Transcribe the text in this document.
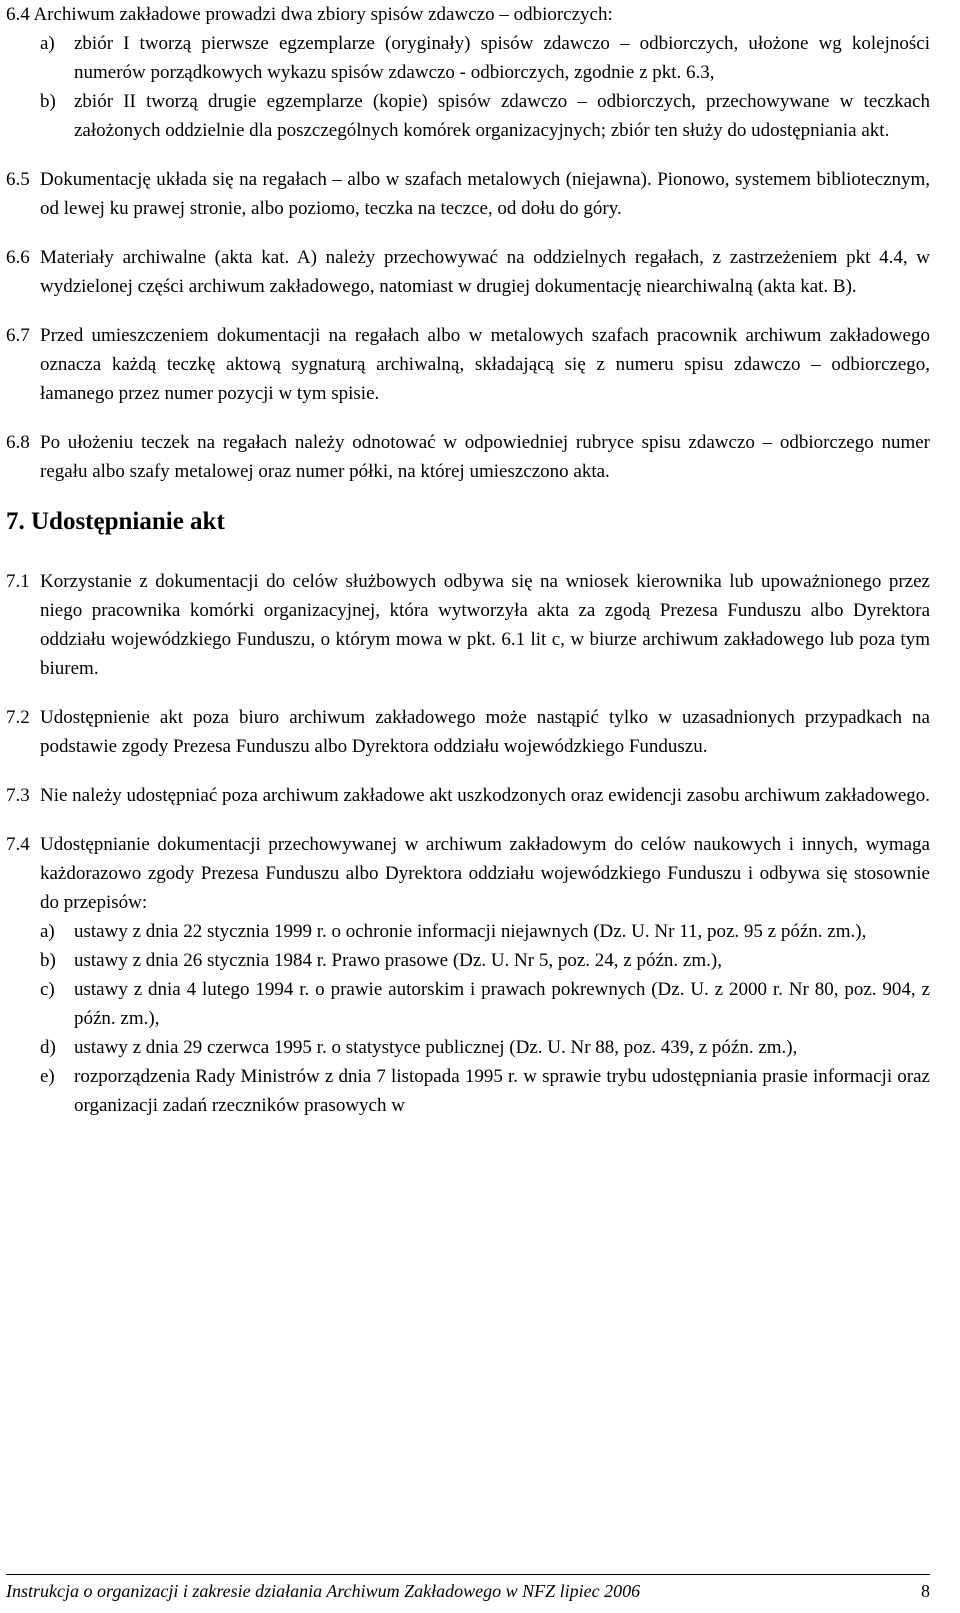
6.4 Archiwum zakładowe prowadzi dwa zbiory spisów zdawczo – odbiorczych:

a)	zbiór I tworzą pierwsze egzemplarze (oryginały) spisów zdawczo – odbiorczych, ułożone wg kolejności numerów porządkowych wykazu spisów zdawczo - odbiorczych, zgodnie z pkt. 6.3,
b) zbiór II tworzą drugie egzemplarze (kopie) spisów zdawczo – odbiorczych, przechowywane w teczkach założonych oddzielnie dla poszczególnych komórek organizacyjnych; zbiór ten służy do udostępniania akt.
6.5 Dokumentację układa się na regałach – albo w szafach metalowych (niejawna). Pionowo, systemem bibliotecznym, od lewej ku prawej stronie, albo poziomo, teczka na teczce, od dołu do góry.
6.6 Materiały archiwalne (akta kat. A) należy przechowywać na oddzielnych regałach, z zastrzeżeniem pkt 4.4, w wydzielonej części archiwum zakładowego, natomiast w drugiej dokumentację niearchiwalną (akta kat. B).
6.7 Przed umieszczeniem dokumentacji na regałach albo w metalowych szafach pracownik archiwum zakładowego oznacza każdą teczkę aktową sygnaturą archiwalną, składającą się z numeru spisu zdawczo – odbiorczego, łamanego przez numer pozycji w tym spisie.
6.8 Po ułożeniu teczek na regałach należy odnotować w odpowiedniej rubryce spisu zdawczo – odbiorczego numer regału albo szafy metalowej oraz numer półki, na której umieszczono akta.
7. Udostępnianie akt
7.1 Korzystanie z dokumentacji do celów służbowych odbywa się na wniosek kierownika lub upoważnionego przez niego pracownika komórki organizacyjnej, która wytworzyła akta za zgodą Prezesa Funduszu albo Dyrektora oddziału wojewódzkiego Funduszu, o którym mowa w pkt. 6.1 lit c, w biurze archiwum zakładowego lub poza tym biurem.
7.2 Udostępnienie akt poza biuro archiwum zakładowego może nastąpić tylko w uzasadnionych przypadkach na podstawie zgody Prezesa Funduszu albo Dyrektora oddziału wojewódzkiego Funduszu.
7.3 Nie należy udostępniać poza archiwum zakładowe akt uszkodzonych oraz ewidencji zasobu archiwum zakładowego.
7.4 Udostępnianie dokumentacji przechowywanej w archiwum zakładowym do celów naukowych i innych, wymaga każdorazowo zgody Prezesa Funduszu albo Dyrektora oddziału wojewódzkiego Funduszu i odbywa się stosownie do przepisów:
a)	ustawy z dnia 22 stycznia 1999 r. o ochronie informacji niejawnych (Dz. U. Nr 11, poz. 95 z późn. zm.),
b) ustawy z dnia 26 stycznia 1984 r. Prawo prasowe (Dz. U. Nr 5, poz. 24, z późn. zm.),
c)	ustawy z dnia 4 lutego 1994 r. o prawie autorskim i prawach pokrewnych (Dz. U. z 2000 r. Nr 80, poz. 904, z późn. zm.),
d) ustawy z dnia 29 czerwca 1995 r. o statystyce publicznej (Dz. U. Nr 88, poz. 439, z późn. zm.),
e)	rozporządzenia Rady Ministrów z dnia 7 listopada 1995 r. w sprawie trybu udostępniania prasie informacji oraz organizacji zadań rzeczników prasowych w
Instrukcja o organizacji i zakresie działania Archiwum Zakładowego w NFZ lipiec 2006	8
